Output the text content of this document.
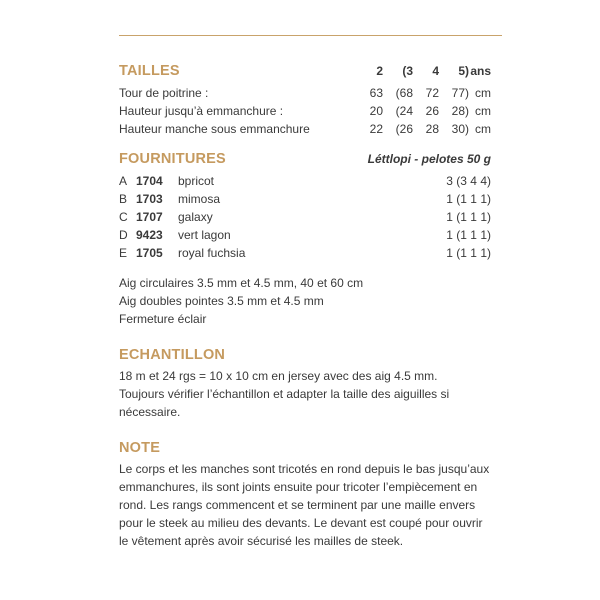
TAILLES	2	(3	4	5) ans
Tour de poitrine :	63	(68	72	77) cm
Hauteur jusqu’à emmanchure :	20	(24	26	28) cm
Hauteur manche sous emmanchure	22	(26	28	30) cm
FOURNITURES	Léttlopi - pelotes 50 g
A 1704	bpricot	3 (3 4 4)
B 1703	mimosa	1 (1 1 1)
C 1707	galaxy	1 (1 1 1)
D 9423	vert lagon	1 (1 1 1)
E 1705	royal fuchsia	1 (1 1 1)
Aig circulaires 3.5 mm et 4.5 mm, 40 et 60 cm
Aig doubles pointes 3.5 mm et 4.5 mm
Fermeture éclair
ECHANTILLON
18 m et 24 rgs = 10 x 10 cm en jersey avec des aig 4.5 mm.
Toujours vérifier l’échantillon et adapter la taille des aiguilles si
nécessaire.
NOTE
Le corps et les manches sont tricotés en rond depuis le bas jusqu’aux
emmanchures, ils sont joints ensuite pour tricoter l’empiècement en
rond. Les rangs commencent et se terminent par une maille envers
pour le steek au milieu des devants. Le devant est coupé pour ouvrir
le vêtement après avoir sécurisé les mailles de steek.
